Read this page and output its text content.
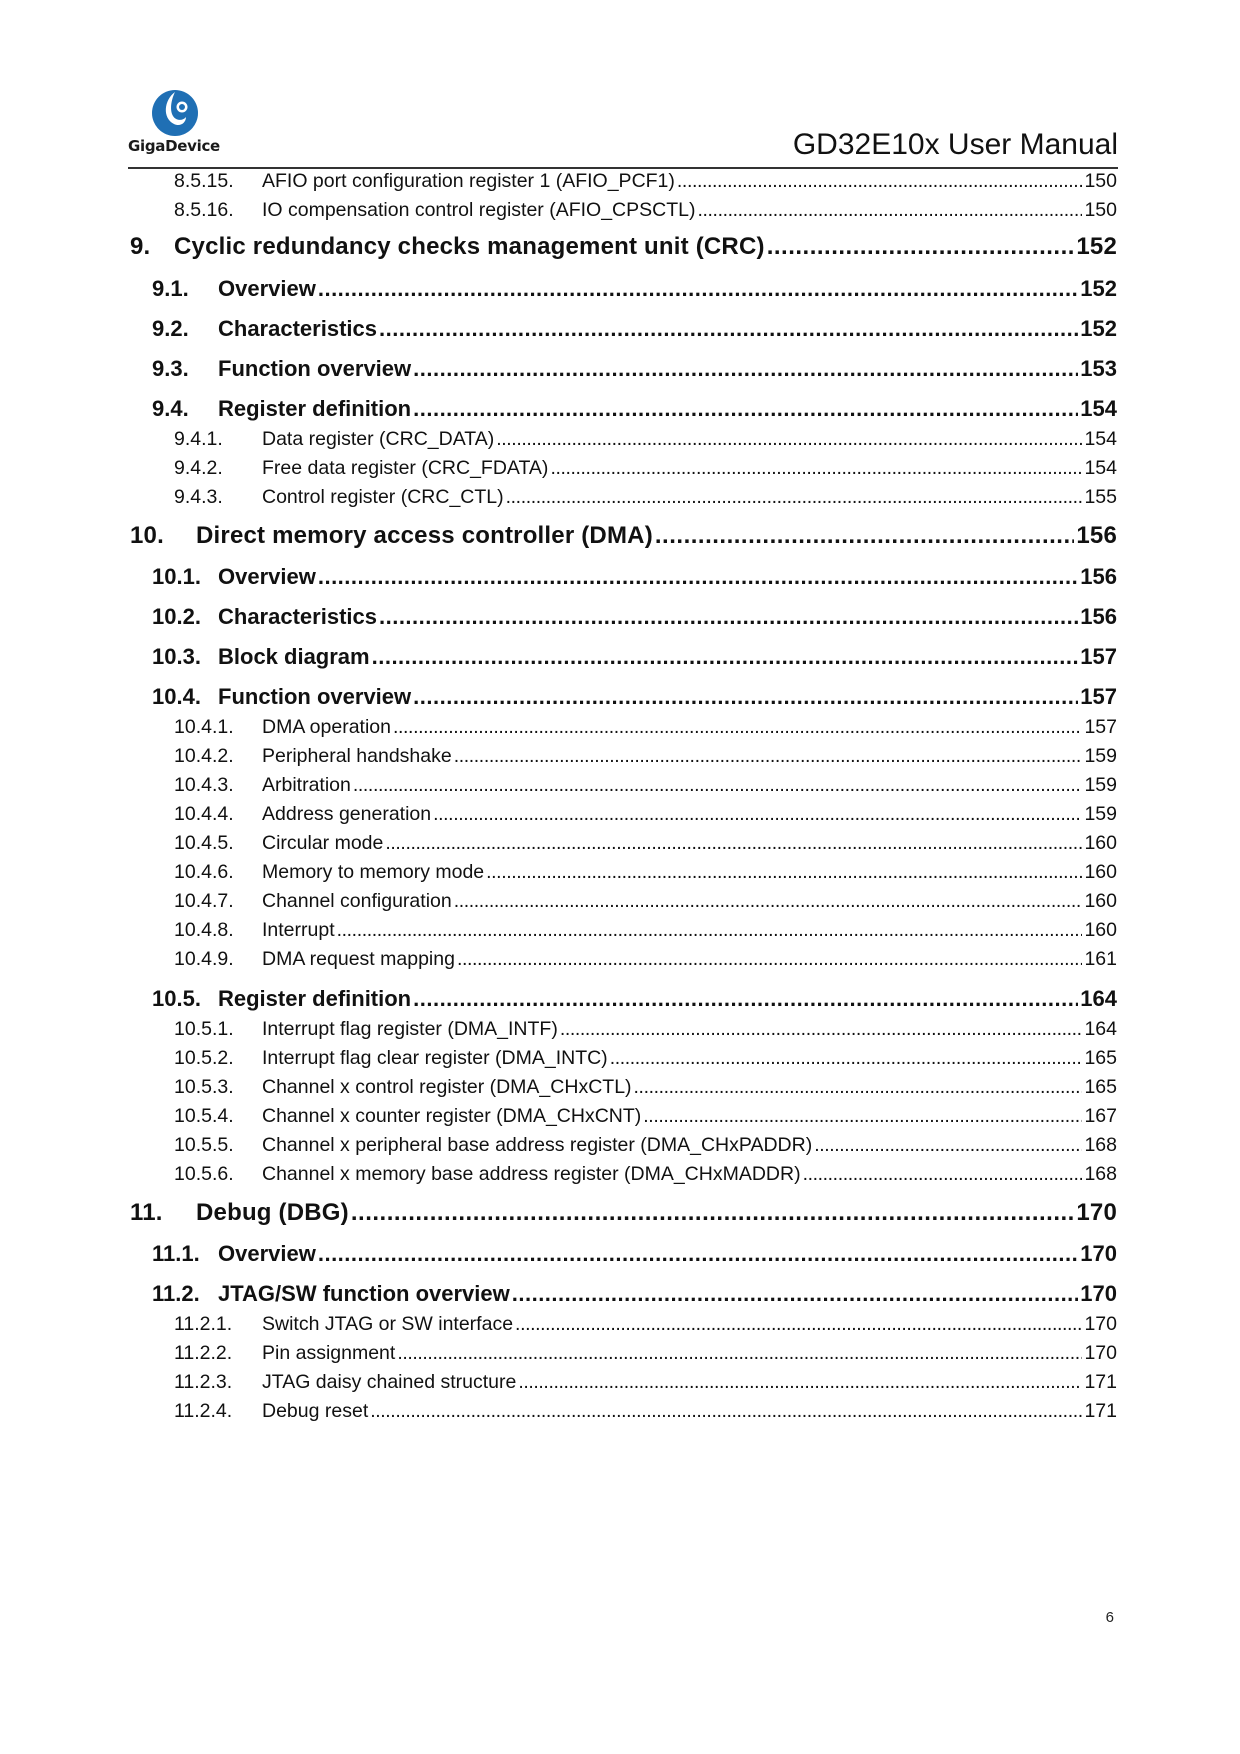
GigaDevice	GD32E10x User Manual
8.5.15.	AFIO port configuration register 1 (AFIO_PCF1) .....	150
8.5.16.	IO compensation control register (AFIO_CPSCTL) .....	150
9. Cyclic redundancy checks management unit (CRC) .....	152
9.1.	Overview .....	152
9.2.	Characteristics .....	152
9.3.	Function overview .....	153
9.4.	Register definition .....	154
9.4.1.	Data register (CRC_DATA) .....	154
9.4.2.	Free data register (CRC_FDATA) .....	154
9.4.3.	Control register (CRC_CTL) .....	155
10.	Direct memory access controller (DMA) .....	156
10.1. Overview .....	156
10.2. Characteristics .....	156
10.3. Block diagram .....	157
10.4. Function overview .....	157
10.4.1.	DMA operation .....	157
10.4.2.	Peripheral handshake .....	159
10.4.3.	Arbitration .....	159
10.4.4.	Address generation .....	159
10.4.5.	Circular mode .....	160
10.4.6.	Memory to memory mode .....	160
10.4.7.	Channel configuration .....	160
10.4.8.	Interrupt .....	160
10.4.9.	DMA request mapping .....	161
10.5. Register definition .....	164
10.5.1.	Interrupt flag register (DMA_INTF) .....	164
10.5.2.	Interrupt flag clear register (DMA_INTC) .....	165
10.5.3.	Channel x control register (DMA_CHxCTL) .....	165
10.5.4.	Channel x counter register (DMA_CHxCNT) .....	167
10.5.5.	Channel x peripheral base address register (DMA_CHxPADDR) .....	168
10.5.6.	Channel x memory base address register (DMA_CHxMADDR) .....	168
11.	Debug (DBG) .....	170
11.1. Overview .....	170
11.2. JTAG/SW function overview .....	170
11.2.1.	Switch JTAG or SW interface .....	170
11.2.2.	Pin assignment .....	170
11.2.3.	JTAG daisy chained structure .....	171
11.2.4.	Debug reset .....	171
6
